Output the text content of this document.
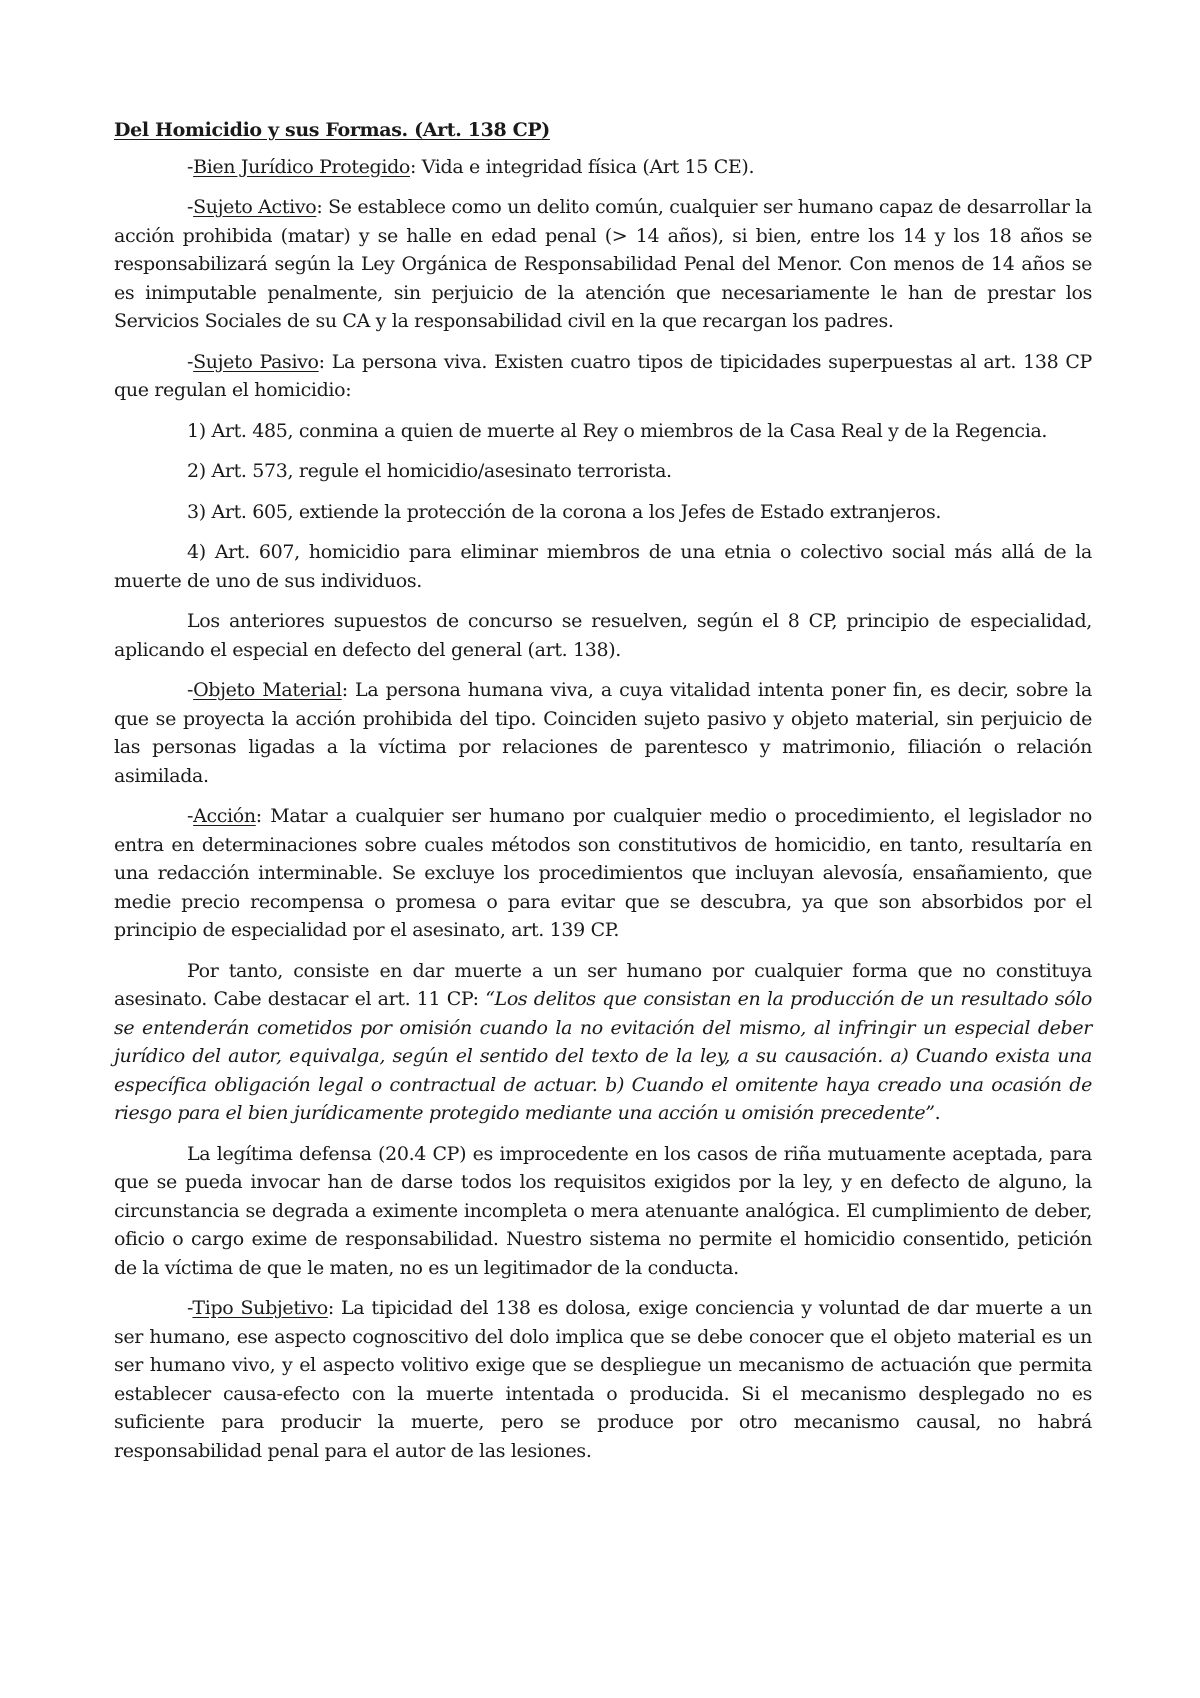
Del Homicidio y sus Formas. (Art. 138 CP)

-Bien Jurídico Protegido: Vida e integridad física (Art 15 CE).

-Sujeto Activo: Se establece como un delito común, cualquier ser humano capaz de desarrollar la acción prohibida (matar) y se halle en edad penal (> 14 años), si bien, entre los 14 y los 18 años se responsabilizará según la Ley Orgánica de Responsabilidad Penal del Menor. Con menos de 14 años se es inimputable penalmente, sin perjuicio de la atención que necesariamente le han de prestar los Servicios Sociales de su CA y la responsabilidad civil en la que recargan los padres.

-Sujeto Pasivo: La persona viva. Existen cuatro tipos de tipicidades superpuestas al art. 138 CP que regulan el homicidio:

1) Art. 485, conmina a quien de muerte al Rey o miembros de la Casa Real y de la Regencia.

2) Art. 573, regule el homicidio/asesinato terrorista.

3) Art. 605, extiende la protección de la corona a los Jefes de Estado extranjeros.

4) Art. 607, homicidio para eliminar miembros de una etnia o colectivo social más allá de la muerte de uno de sus individuos.

Los anteriores supuestos de concurso se resuelven, según el 8 CP, principio de especialidad, aplicando el especial en defecto del general (art. 138).

-Objeto Material: La persona humana viva, a cuya vitalidad intenta poner fin, es decir, sobre la que se proyecta la acción prohibida del tipo. Coinciden sujeto pasivo y objeto material, sin perjuicio de las personas ligadas a la víctima por relaciones de parentesco y matrimonio, filiación o relación asimilada.

-Acción: Matar a cualquier ser humano por cualquier medio o procedimiento, el legislador no entra en determinaciones sobre cuales métodos son constitutivos de homicidio, en tanto, resultaría en una redacción interminable. Se excluye los procedimientos que incluyan alevosía, ensañamiento, que medie precio recompensa o promesa o para evitar que se descubra, ya que son absorbidos por el principio de especialidad por el asesinato, art. 139 CP.

Por tanto, consiste en dar muerte a un ser humano por cualquier forma que no constituya asesinato. Cabe destacar el art. 11 CP: “Los delitos que consistan en la producción de un resultado sólo se entenderán cometidos por omisión cuando la no evitación del mismo, al infringir un especial deber jurídico del autor, equivalga, según el sentido del texto de la ley, a su causación. a) Cuando exista una específica obligación legal o contractual de actuar. b) Cuando el omitente haya creado una ocasión de riesgo para el bien jurídicamente protegido mediante una acción u omisión precedente”.

La legítima defensa (20.4 CP) es improcedente en los casos de riña mutuamente aceptada, para que se pueda invocar han de darse todos los requisitos exigidos por la ley, y en defecto de alguno, la circunstancia se degrada a eximente incompleta o mera atenuante analógica. El cumplimiento de deber, oficio o cargo exime de responsabilidad. Nuestro sistema no permite el homicidio consentido, petición de la víctima de que le maten, no es un legitimador de la conducta.

-Tipo Subjetivo: La tipicidad del 138 es dolosa, exige conciencia y voluntad de dar muerte a un ser humano, ese aspecto cognoscitivo del dolo implica que se debe conocer que el objeto material es un ser humano vivo, y el aspecto volitivo exige que se despliegue un mecanismo de actuación que permita establecer causa-efecto con la muerte intentada o producida. Si el mecanismo desplegado no es suficiente para producir la muerte, pero se produce por otro mecanismo causal, no habrá responsabilidad penal para el autor de las lesiones.
